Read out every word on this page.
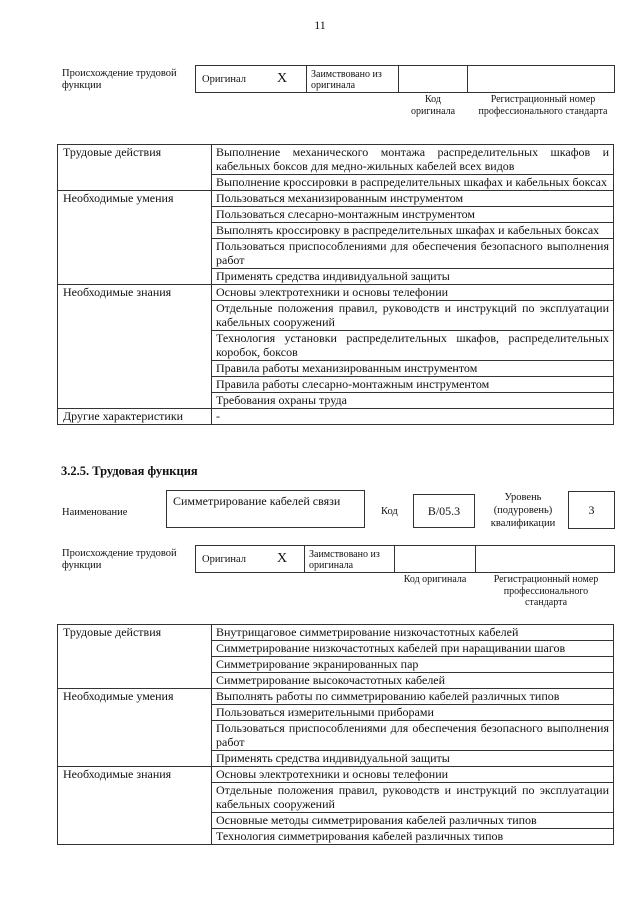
11
Происхождение трудовой функции
Оригинал X Заимствовано из оригинала
Код оригинала
Регистрационный номер профессионального стандарта
Трудовые действия	Выполнение механического монтажа распределительных шкафов и кабельных боксов для медно-жильных кабелей всех видов
	Выполнение кроссировки в распределительных шкафах и кабельных боксах
Необходимые умения	Пользоваться механизированным инструментом
	Пользоваться слесарно-монтажным инструментом
	Выполнять кроссировку в распределительных шкафах и кабельных боксах
	Пользоваться приспособлениями для обеспечения безопасного выполнения работ
	Применять средства индивидуальной защиты
Необходимые знания	Основы электротехники и основы телефонии
	Отдельные положения правил, руководств и инструкций по эксплуатации кабельных сооружений
	Технология установки распределительных шкафов, распределительных коробок, боксов
	Правила работы механизированным инструментом
	Правила работы слесарно-монтажным инструментом
	Требования охраны труда
Другие характеристики	-
3.2.5. Трудовая функция
Наименование
Симметрирование кабелей связи
Код	B/05.3
Уровень (подуровень) квалификации
3
Происхождение трудовой функции
Оригинал X Заимствовано из оригинала
Код оригинала	Регистрационный номер профессионального стандарта
Трудовые действия	Внутрищаговое симметрирование низкочастотных кабелей
	Симметрирование низкочастотных кабелей при наращивании шагов
	Симметрирование экранированных пар
	Симметрирование высокочастотных кабелей
Необходимые умения	Выполнять работы по симметрированию кабелей различных типов
	Пользоваться измерительными приборами
	Пользоваться приспособлениями для обеспечения безопасного выполнения работ
	Применять средства индивидуальной защиты
Необходимые знания	Основы электротехники и основы телефонии
	Отдельные положения правил, руководств и инструкций по эксплуатации кабельных сооружений
	Основные методы симметрирования кабелей различных типов
	Технология симметрирования кабелей различных типов
